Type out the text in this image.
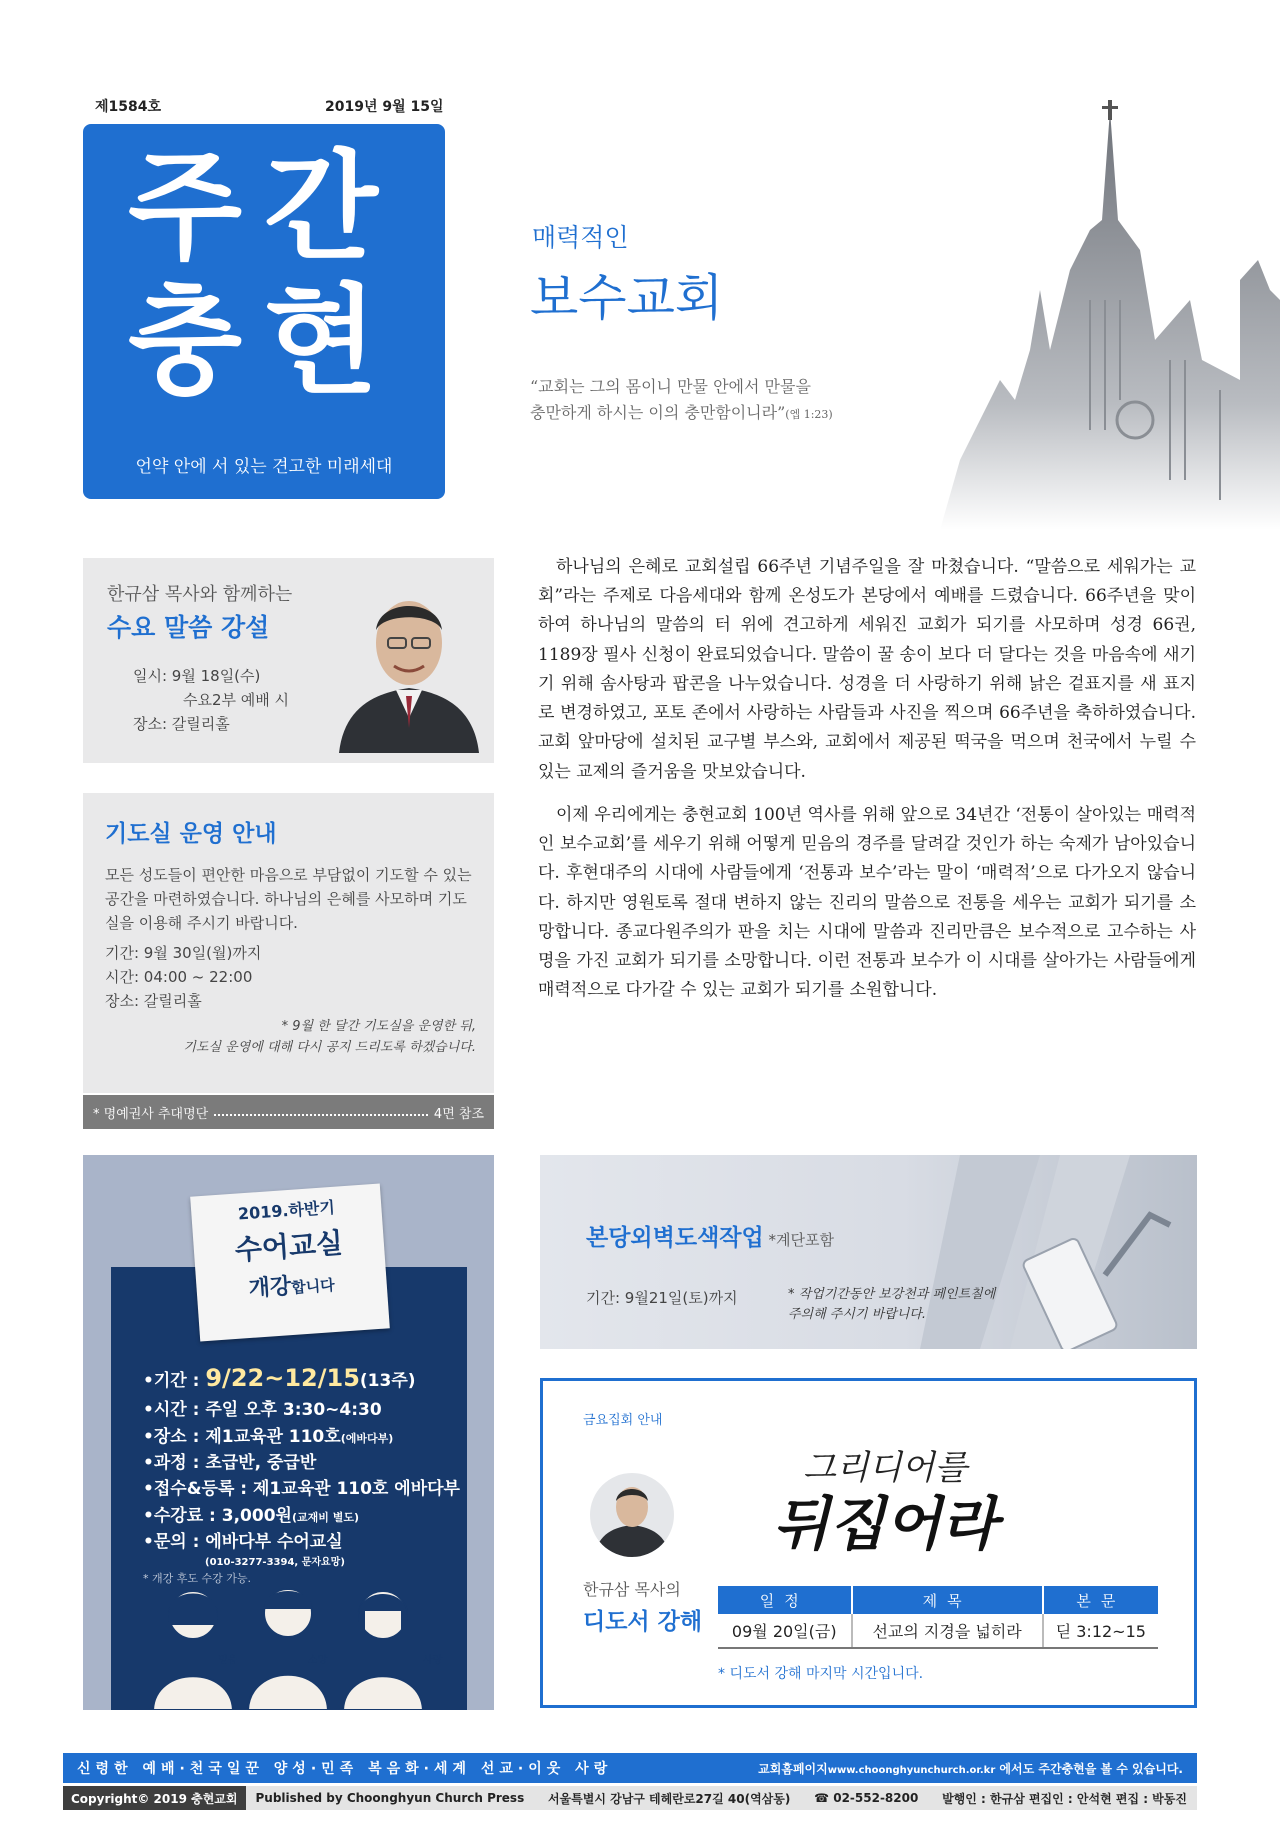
제1584호	2019년 9월 15일
주간
충현
언약 안에 서 있는 견고한 미래세대
매력적인
보수교회
“교회는 그의 몸이니 만물 안에서 만물을
충만하게 하시는 이의 충만함이니라”(엡 1:23)
한규삼 목사와 함께하는
수요 말씀 강설
일시: 9월 18일(수)
수요2부 예배 시
장소: 갈릴리홀
기도실 운영 안내
모든 성도들이 편안한 마음으로 부담없이 기도할 수 있는 공간을 마련하였습니다. 하나님의 은혜를 사모하며 기도실을 이용해 주시기 바랍니다.
기간: 9월 30일(월)까지
시간: 04:00 ~ 22:00
장소: 갈릴리홀
* 9월 한 달간 기도실을 운영한 뒤,
기도실 운영에 대해 다시 공지 드리도록 하겠습니다.
* 명예권사 추대명단	4면 참조

하나님의 은혜로 교회설립 66주년 기념주일을 잘 마쳤습니다. “말씀으로 세워가는 교회”라는 주제로 다음세대와 함께 온성도가 본당에서 예배를 드렸습니다. 66주년을 맞이하여 하나님의 말씀의 터 위에 견고하게 세워진 교회가 되기를 사모하며 성경 66권, 1189장 필사 신청이 완료되었습니다. 말씀이 꿀 송이 보다 더 달다는 것을 마음속에 새기기 위해 솜사탕과 팝콘을 나누었습니다. 성경을 더 사랑하기 위해 낡은 겉표지를 새 표지로 변경하였고, 포토 존에서 사랑하는 사람들과 사진을 찍으며 66주년을 축하하였습니다. 교회 앞마당에 설치된 교구별 부스와, 교회에서 제공된 떡국을 먹으며 천국에서 누릴 수 있는 교제의 즐거움을 맛보았습니다.

이제 우리에게는 충현교회 100년 역사를 위해 앞으로 34년간 ‘전통이 살아있는 매력적인 보수교회’를 세우기 위해 어떻게 믿음의 경주를 달려갈 것인가 하는 숙제가 남아있습니다. 후현대주의 시대에 사람들에게 ‘전통과 보수’라는 말이 ‘매력적’으로 다가오지 않습니다. 하지만 영원토록 절대 변하지 않는 진리의 말씀으로 전통을 세우는 교회가 되기를 소망합니다. 종교다원주의가 판을 치는 시대에 말씀과 진리만큼은 보수적으로 고수하는 사명을 가진 교회가 되기를 소망합니다. 이런 전통과 보수가 이 시대를 살아가는 사람들에게 매력적으로 다가갈 수 있는 교회가 되기를 소원합니다.

2019.하반기
수어교실
개강합니다
•기간 : 9/22~12/15(13주)
•시간 : 주일 오후 3:30~4:30
•장소 : 제1교육관 110호(에바다부)
•과정 : 초급반, 중급반
•접수&등록 : 제1교육관 110호 에바다부
•수강료 : 3,000원(교재비 별도)
•문의 : 에바다부 수어교실
(010-3277-3394, 문자요망)
* 개강 후도 수강 가능.
믿음	소망	사랑
본당외벽도색작업 *계단포함
기간: 9월21일(토)까지	* 작업기간동안 보강천과 페인트칠에
주의해 주시기 바랍니다.
금요집회 안내
그리디어를
뒤집어라
한규삼 목사의
디도서 강해
일정	제목	본문
09월 20일(금)	선교의 지경을 넓히라	딛 3:12~15
* 디도서 강해 마지막 시간입니다.
신령한 예배·천국일꾼 양성·민족 복음화·세계 선교·이웃 사랑	교회홈페이지www.choonghyunchurch.or.kr 에서도 주간충현을 볼 수 있습니다.
Copyright© 2019 충현교회	Published by Choonghyun Church Press 서울특별시 강남구 테헤란로27길 40(역삼동) ☎ 02-552-8200 발행인 : 한규삼 편집인 : 안석현 편집 : 박동진
